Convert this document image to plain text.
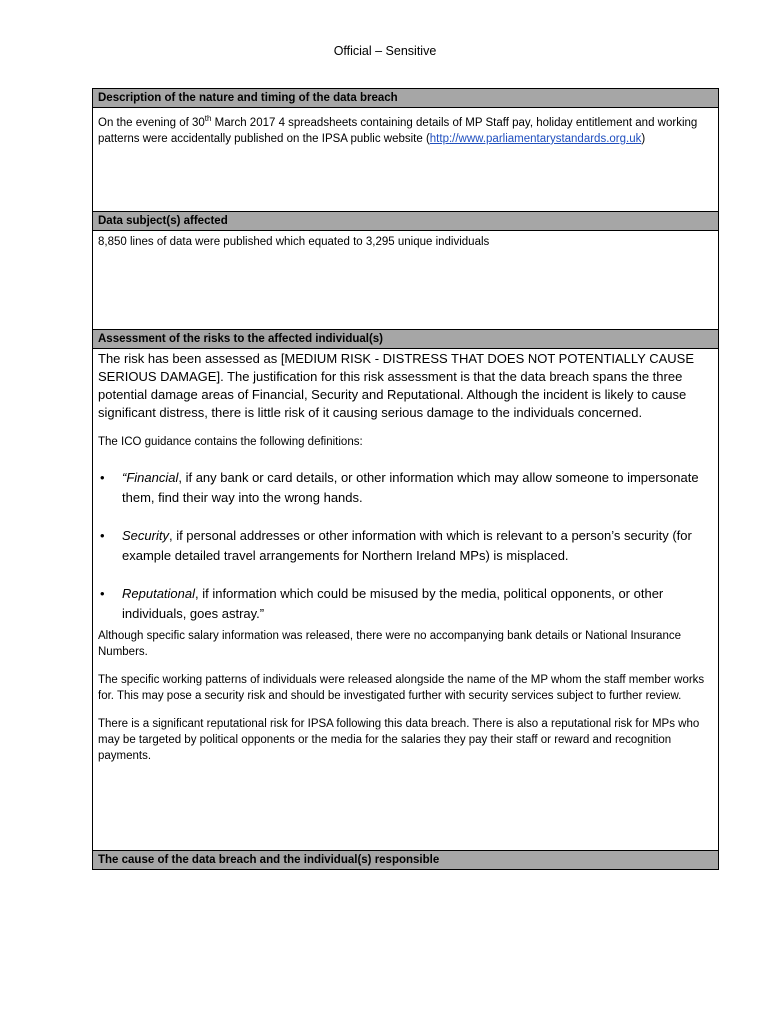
Official – Sensitive
Description of the nature and timing of the data breach

On the evening of 30th March 2017 4 spreadsheets containing details of MP Staff pay, holiday entitlement and working patterns were accidentally published on the IPSA public website (http://www.parliamentarystandards.org.uk)

Data subject(s) affected

8,850 lines of data were published which equated to 3,295 unique individuals

Assessment of the risks to the affected individual(s)

The risk has been assessed as [MEDIUM RISK - DISTRESS THAT DOES NOT POTENTIALLY CAUSE SERIOUS DAMAGE]. The justification for this risk assessment is that the data breach spans the three potential damage areas of Financial, Security and Reputational. Although the incident is likely to cause significant distress, there is little risk of it causing serious damage to the individuals concerned.

The ICO guidance contains the following definitions:

• “Financial, if any bank or card details, or other information which may allow someone to impersonate them, find their way into the wrong hands.
• Security, if personal addresses or other information with which is relevant to a person’s security (for example detailed travel arrangements for Northern Ireland MPs) is misplaced.
• Reputational, if information which could be misused by the media, political opponents, or other individuals, goes astray.”

Although specific salary information was released, there were no accompanying bank details or National Insurance Numbers.

The specific working patterns of individuals were released alongside the name of the MP whom the staff member works for. This may pose a security risk and should be investigated further with security services subject to further review.

There is a significant reputational risk for IPSA following this data breach. There is also a reputational risk for MPs who may be targeted by political opponents or the media for the salaries they pay their staff or reward and recognition payments.

The cause of the data breach and the individual(s) responsible
